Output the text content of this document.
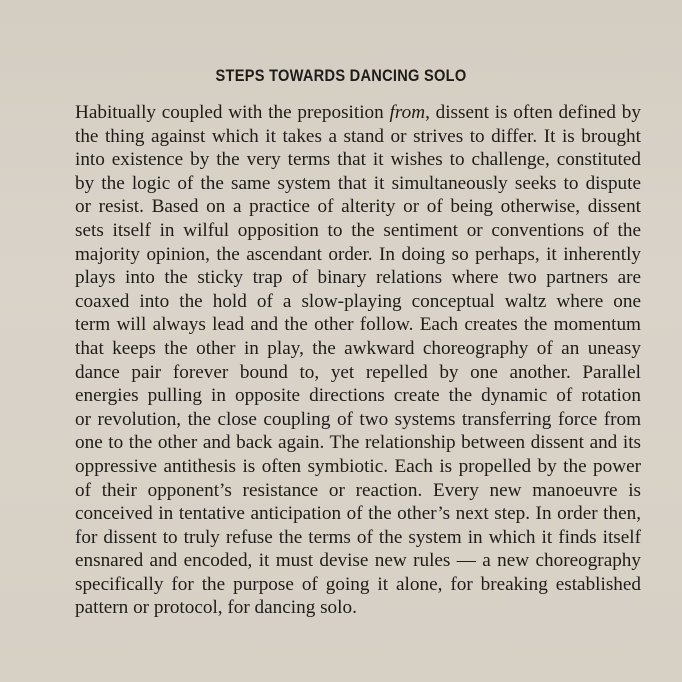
STEPS TOWARDS DANCING SOLO
Habitually coupled with the preposition from, dissent is often defined by
the thing against which it takes a stand or strives to differ. It is brought
into existence by the very terms that it wishes to challenge, constituted
by the logic of the same system that it simultaneously seeks to dispute
or resist. Based on a practice of alterity or of being otherwise, dissent
sets itself in wilful opposition to the sentiment or conventions of the
majority opinion, the ascendant order. In doing so perhaps, it inherently
plays into the sticky trap of binary relations where two partners are
coaxed into the hold of a slow-playing conceptual waltz where one
term will always lead and the other follow. Each creates the momentum
that keeps the other in play, the awkward choreography of an uneasy
dance pair forever bound to, yet repelled by one another. Parallel
energies pulling in opposite directions create the dynamic of rotation
or revolution, the close coupling of two systems transferring force from
one to the other and back again. The relationship between dissent and its
oppressive antithesis is often symbiotic. Each is propelled by the power
of their opponent’s resistance or reaction. Every new manoeuvre is
conceived in tentative anticipation of the other’s next step. In order then,
for dissent to truly refuse the terms of the system in which it finds itself
ensnared and encoded, it must devise new rules — a new choreography
specifically for the purpose of going it alone, for breaking established
pattern or protocol, for dancing solo.
